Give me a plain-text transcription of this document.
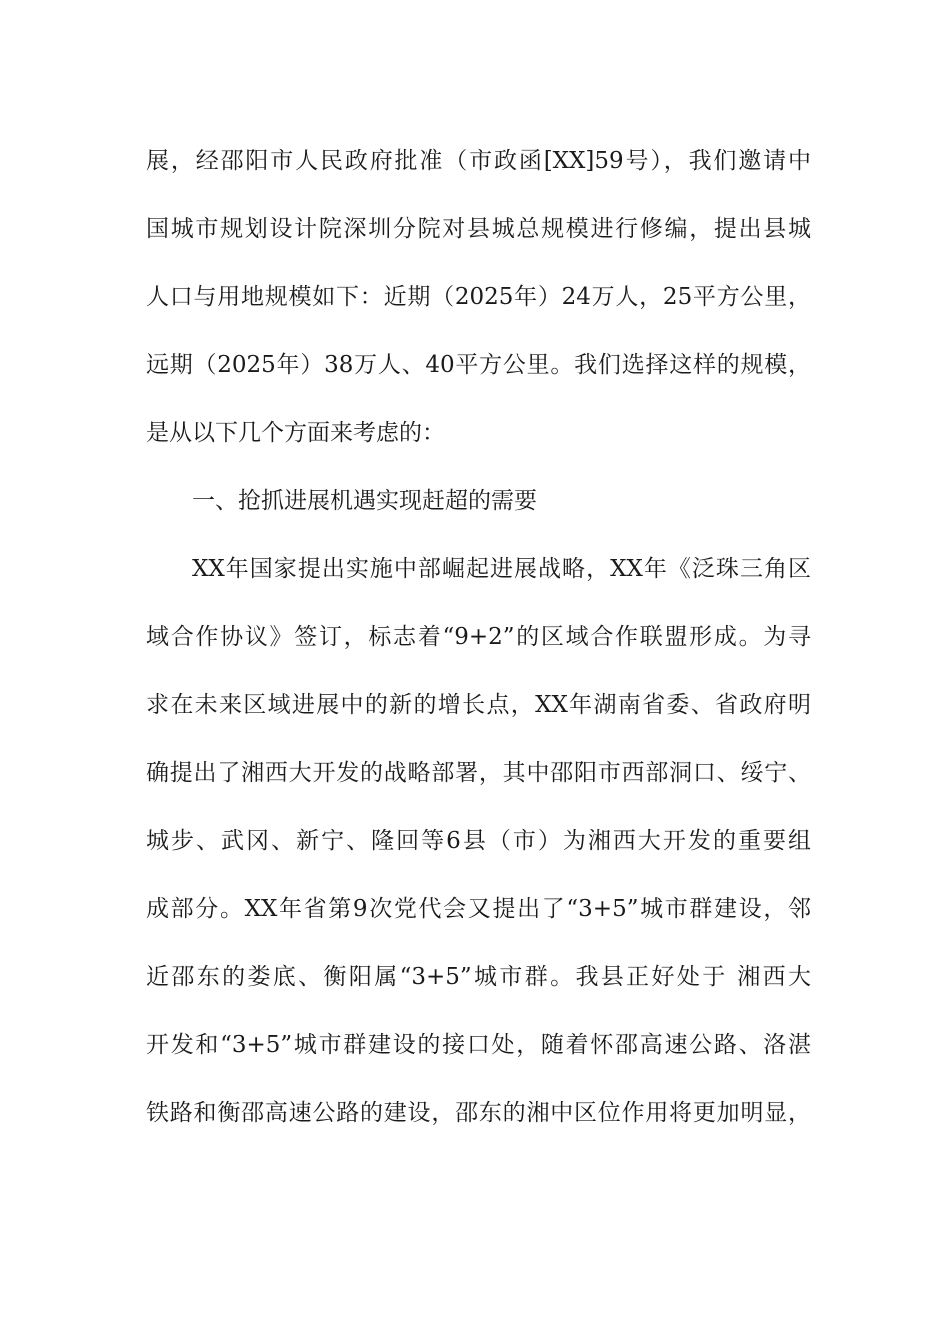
展，经邵阳市人民政府批准（市政函[XX]59号），我们邀请中
国城市规划设计院深圳分院对县城总规模进行修编，提出县城
人口与用地规模如下：近期（2025年）24万人，25平方公里，
远期（2025年）38万人、40平方公里。我们选择这样的规模，
是从以下几个方面来考虑的：
一、抢抓进展机遇实现赶超的需要
XX年国家提出实施中部崛起进展战略，XX年《泛珠三角区
域合作协议》签订，标志着“9+2”的区域合作联盟形成。为寻
求在未来区域进展中的新的增长点，XX年湖南省委、省政府明
确提出了湘西大开发的战略部署，其中邵阳市西部洞口、绥宁、
城步、武冈、新宁、隆回等6县（市）为湘西大开发的重要组
成部分。XX年省第9次党代会又提出了“3+5”城市群建设，邻
近邵东的娄底、衡阳属“3+5”城市群。我县正好处于 湘西大
开发和“3+5”城市群建设的接口处，随着怀邵高速公路、洛湛
铁路和衡邵高速公路的建设，邵东的湘中区位作用将更加明显，
